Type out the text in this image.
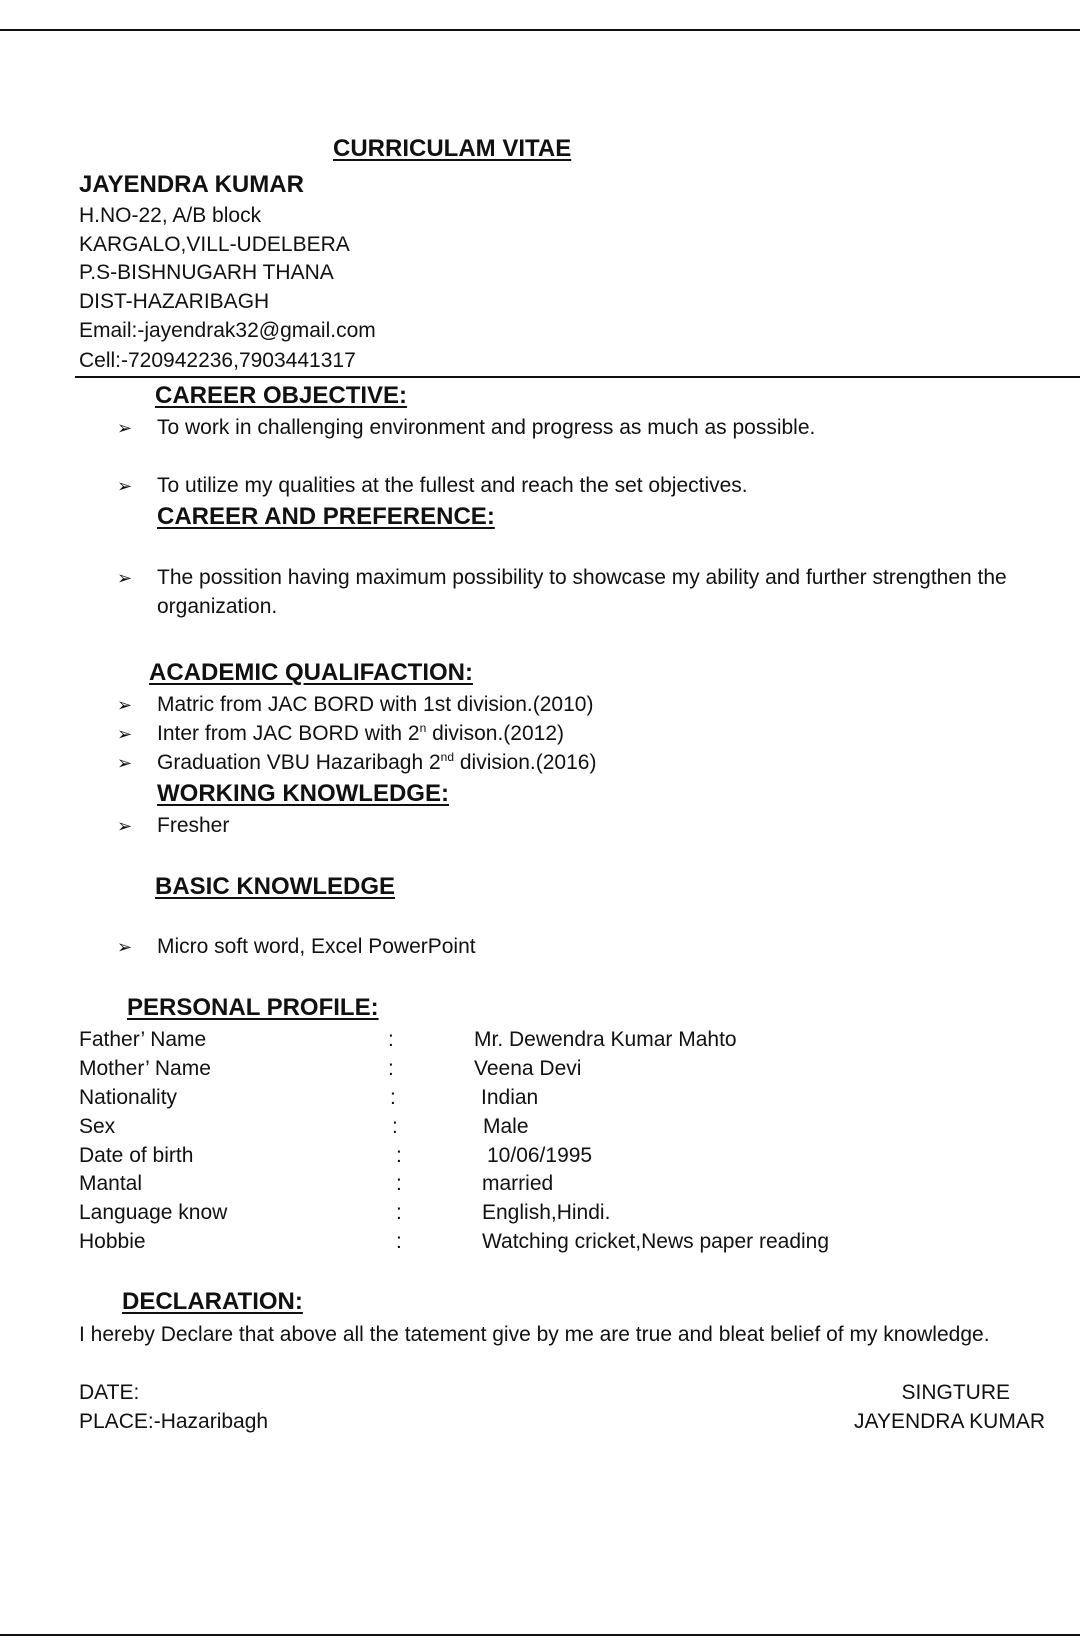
CURRICULAM VITAE
JAYENDRA KUMAR
H.NO-22, A/B block
KARGALO,VILL-UDELBERA
P.S-BISHNUGARH THANA
DIST-HAZARIBAGH
Email:-jayendrak32@gmail.com
Cell:-720942236,7903441317
CAREER OBJECTIVE:
➢ To work in challenging environment and progress as much as possible.
➢ To utilize my qualities at the fullest and reach the set objectives.
CAREER AND PREFERENCE:
➢ The possition having maximum possibility to showcase my ability and further strengthen the
organization.
ACADEMIC QUALIFACTION:
➢ Matric from JAC BORD with 1st division.(2010)
➢ Inter from JAC BORD with 2$^n$ divison.(2012)
➢ Graduation VBU Hazaribagh 2nd division.(2016)
WORKING KNOWLEDGE:
➢ Fresher
BASIC KNOWLEDGE
➢ Micro soft word, Excel PowerPoint
PERSONAL PROFILE:
Father’ Name	:	Mr. Dewendra Kumar Mahto
Mother’ Name	:	Veena Devi
Nationality	:	Indian
Sex	:	Male
Date of birth	:	10/06/1995
Mantal	:	married
Language know	:	English,Hindi.
Hobbie	:	Watching cricket,News paper reading
DECLARATION:
I hereby Declare that above all the tatement give by me are true and bleat belief of my knowledge.
DATE:
PLACE:-Hazaribagh
SINGTURE
JAYENDRA KUMAR
